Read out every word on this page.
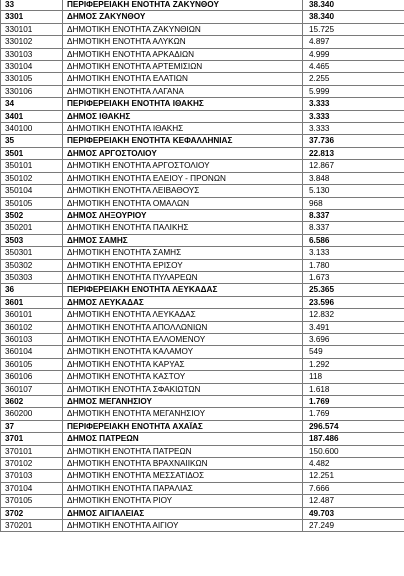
33	ΠΕΡΙΦΕΡΕΙΑΚΗ ΕΝΟΤΗΤΑ ΖΑΚΥΝΘΟΥ	38.340
3301	ΔΗΜΟΣ ΖΑΚΥΝΘΟΥ	38.340
330101	ΔΗΜΟΤΙΚΗ ΕΝΟΤΗΤΑ ΖΑΚΥΝΘΙΩΝ	15.725
330102	ΔΗΜΟΤΙΚΗ ΕΝΟΤΗΤΑ ΑΛΥΚΩΝ	4.897
330103	ΔΗΜΟΤΙΚΗ ΕΝΟΤΗΤΑ ΑΡΚΑΔΙΩΝ	4.999
330104	ΔΗΜΟΤΙΚΗ ΕΝΟΤΗΤΑ ΑΡΤΕΜΙΣΙΩΝ	4.465
330105	ΔΗΜΟΤΙΚΗ ΕΝΟΤΗΤΑ ΕΛΑΤΙΩΝ	2.255
330106	ΔΗΜΟΤΙΚΗ ΕΝΟΤΗΤΑ ΛΑΓΑΝΑ	5.999
34	ΠΕΡΙΦΕΡΕΙΑΚΗ ΕΝΟΤΗΤΑ ΙΘΑΚΗΣ	3.333
3401	ΔΗΜΟΣ ΙΘΑΚΗΣ	3.333
340100	ΔΗΜΟΤΙΚΗ ΕΝΟΤΗΤΑ ΙΘΑΚΗΣ	3.333
35	ΠΕΡΙΦΕΡΕΙΑΚΗ ΕΝΟΤΗΤΑ ΚΕΦΑΛΛΗΝΙΑΣ	37.736
3501	ΔΗΜΟΣ ΑΡΓΟΣΤΟΛΙΟΥ	22.813
350101	ΔΗΜΟΤΙΚΗ ΕΝΟΤΗΤΑ ΑΡΓΟΣΤΟΛΙΟΥ	12.867
350102	ΔΗΜΟΤΙΚΗ ΕΝΟΤΗΤΑ ΕΛΕΙΟΥ - ΠΡΟΝΩΝ	3.848
350104	ΔΗΜΟΤΙΚΗ ΕΝΟΤΗΤΑ ΛΕΙΒΑΘΟΥΣ	5.130
350105	ΔΗΜΟΤΙΚΗ ΕΝΟΤΗΤΑ ΟΜΑΛΩΝ	968
3502	ΔΗΜΟΣ ΛΗΞΟΥΡΙΟΥ	8.337
350201	ΔΗΜΟΤΙΚΗ ΕΝΟΤΗΤΑ ΠΑΛΙΚΗΣ	8.337
3503	ΔΗΜΟΣ ΣΑΜΗΣ	6.586
350301	ΔΗΜΟΤΙΚΗ ΕΝΟΤΗΤΑ ΣΑΜΗΣ	3.133
350302	ΔΗΜΟΤΙΚΗ ΕΝΟΤΗΤΑ ΕΡΙΣΟΥ	1.780
350303	ΔΗΜΟΤΙΚΗ ΕΝΟΤΗΤΑ ΠΥΛΑΡΕΩΝ	1.673
36	ΠΕΡΙΦΕΡΕΙΑΚΗ ΕΝΟΤΗΤΑ ΛΕΥΚΑΔΑΣ	25.365
3601	ΔΗΜΟΣ ΛΕΥΚΑΔΑΣ	23.596
360101	ΔΗΜΟΤΙΚΗ ΕΝΟΤΗΤΑ ΛΕΥΚΑΔΑΣ	12.832
360102	ΔΗΜΟΤΙΚΗ ΕΝΟΤΗΤΑ ΑΠΟΛΛΩΝΙΩΝ	3.491
360103	ΔΗΜΟΤΙΚΗ ΕΝΟΤΗΤΑ ΕΛΛΟΜΕΝΟΥ	3.696
360104	ΔΗΜΟΤΙΚΗ ΕΝΟΤΗΤΑ ΚΑΛΑΜΟΥ	549
360105	ΔΗΜΟΤΙΚΗ ΕΝΟΤΗΤΑ ΚΑΡΥΑΣ	1.292
360106	ΔΗΜΟΤΙΚΗ ΕΝΟΤΗΤΑ ΚΑΣΤΟΥ	118
360107	ΔΗΜΟΤΙΚΗ ΕΝΟΤΗΤΑ ΣΦΑΚΙΩΤΩΝ	1.618
3602	ΔΗΜΟΣ ΜΕΓΑΝΗΣΙΟΥ	1.769
360200	ΔΗΜΟΤΙΚΗ ΕΝΟΤΗΤΑ ΜΕΓΑΝΗΣΙΟΥ	1.769
37	ΠΕΡΙΦΕΡΕΙΑΚΗ ΕΝΟΤΗΤΑ ΑΧΑΪΑΣ	296.574
3701	ΔΗΜΟΣ ΠΑΤΡΕΩΝ	187.486
370101	ΔΗΜΟΤΙΚΗ ΕΝΟΤΗΤΑ ΠΑΤΡΕΩΝ	150.600
370102	ΔΗΜΟΤΙΚΗ ΕΝΟΤΗΤΑ ΒΡΑΧΝΑΙΙΚΩΝ	4.482
370103	ΔΗΜΟΤΙΚΗ ΕΝΟΤΗΤΑ ΜΕΣΣΑΤΙΔΟΣ	12.251
370104	ΔΗΜΟΤΙΚΗ ΕΝΟΤΗΤΑ ΠΑΡΑΛΙΑΣ	7.666
370105	ΔΗΜΟΤΙΚΗ ΕΝΟΤΗΤΑ ΡΙΟΥ	12.487
3702	ΔΗΜΟΣ ΑΙΓΙΑΛΕΙΑΣ	49.703
370201	ΔΗΜΟΤΙΚΗ ΕΝΟΤΗΤΑ ΑΙΓΙΟΥ	27.249
